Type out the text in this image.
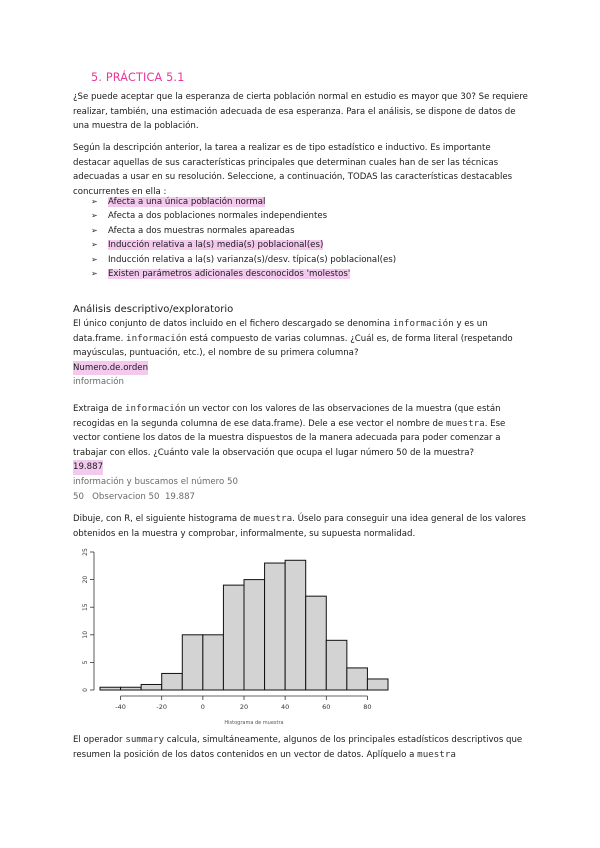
5. PRÁCTICA 5.1
¿Se puede aceptar que la esperanza de cierta población normal en estudio es mayor que 30? Se requiere realizar, también, una estimación adecuada de esa esperanza. Para el análisis, se dispone de datos de una muestra de la población.
Según la descripción anterior, la tarea a realizar es de tipo estadístico e inductivo. Es importante destacar aquellas de sus características principales que determinan cuales han de ser las técnicas adecuadas a usar en su resolución. Seleccione, a continuación, TODAS las características destacables concurrentes en ella :
➢ Afecta a una única población normal
➢ Afecta a dos poblaciones normales independientes
➢ Afecta a dos muestras normales apareadas
➢ Inducción relativa a la(s) media(s) poblacional(es)
➢ Inducción relativa a la(s) varianza(s)/desv. típica(s) poblacional(es)
➢ Existen parámetros adicionales desconocidos 'molestos'
Análisis descriptivo/exploratorio
El único conjunto de datos incluido en el fichero descargado se denomina información y es un data.frame. información está compuesto de varias columnas. ¿Cuál es, de forma literal (respetando mayúsculas, puntuación, etc.), el nombre de su primera columna?
Numero.de.orden
información
Extraiga de información un vector con los valores de las observaciones de la muestra (que están recogidas en la segunda columna de ese data.frame). Dele a ese vector el nombre de muestra. Ese vector contiene los datos de la muestra dispuestos de la manera adecuada para poder comenzar a trabajar con ellos. ¿Cuánto vale la observación que ocupa el lugar número 50 de la muestra?
19.887
información y buscamos el número 50
50   Observacion 50  19.887
Dibuje, con R, el siguiente histograma de muestra. Úselo para conseguir una idea general de los valores obtenidos en la muestra y comprobar, informalmente, su supuesta normalidad.
-40	-20	0	20	40	60	80
0
5
10
15
20
25
Histograma de muestra
El operador summary calcula, simultáneamente, algunos de los principales estadísticos descriptivos que resumen la posición de los datos contenidos en un vector de datos. Aplíquelo a muestra
